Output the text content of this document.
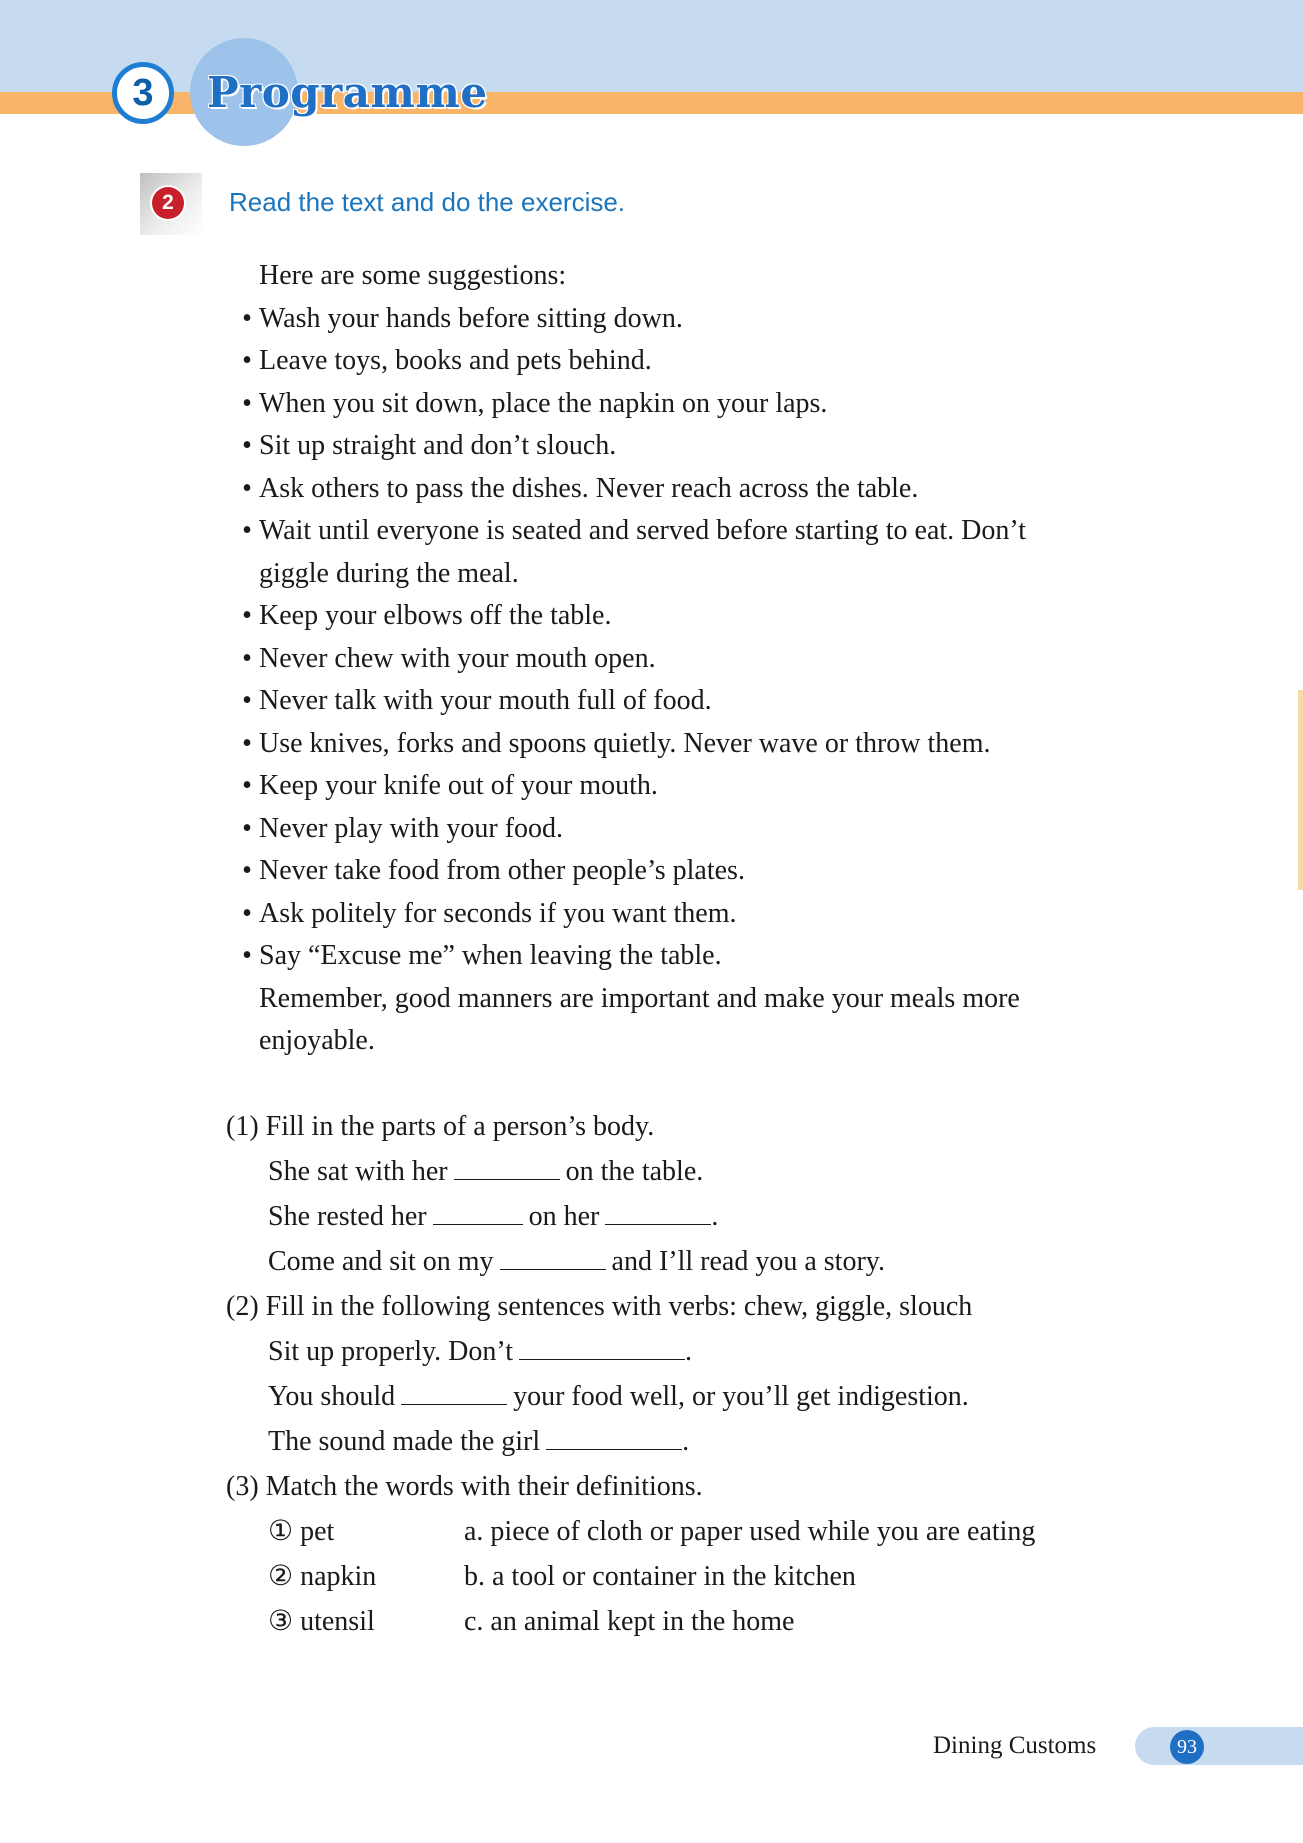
3	Programme
2	Read the text and do the exercise.
Here are some suggestions:
• Wash your hands before sitting down.
• Leave toys, books and pets behind.
• When you sit down, place the napkin on your laps.
• Sit up straight and don’t slouch.
• Ask others to pass the dishes. Never reach across the table.
• Wait until everyone is seated and served before starting to eat. Don’t
giggle during the meal.
• Keep your elbows off the table.
• Never chew with your mouth open.
• Never talk with your mouth full of food.
• Use knives, forks and spoons quietly. Never wave or throw them.
• Keep your knife out of your mouth.
• Never play with your food.
• Never take food from other people’s plates.
• Ask politely for seconds if you want them.
• Say “Excuse me” when leaving the table.
Remember, good manners are important and make your meals more
enjoyable.
(1) Fill in the parts of a person’s body.
She sat with her	on the table.
She rested her	on her	.
Come and sit on my	and I’ll read you a story.
(2) Fill in the following sentences with verbs: chew, giggle, slouch
Sit up properly. Don’t	.
You should	your food well, or you’ll get indigestion.
The sound made the girl	.
(3) Match the words with their definitions.
① pet	a. piece of cloth or paper used while you are eating
② napkin	b. a tool or container in the kitchen
③ utensil	c. an animal kept in the home
Dining Customs	93
